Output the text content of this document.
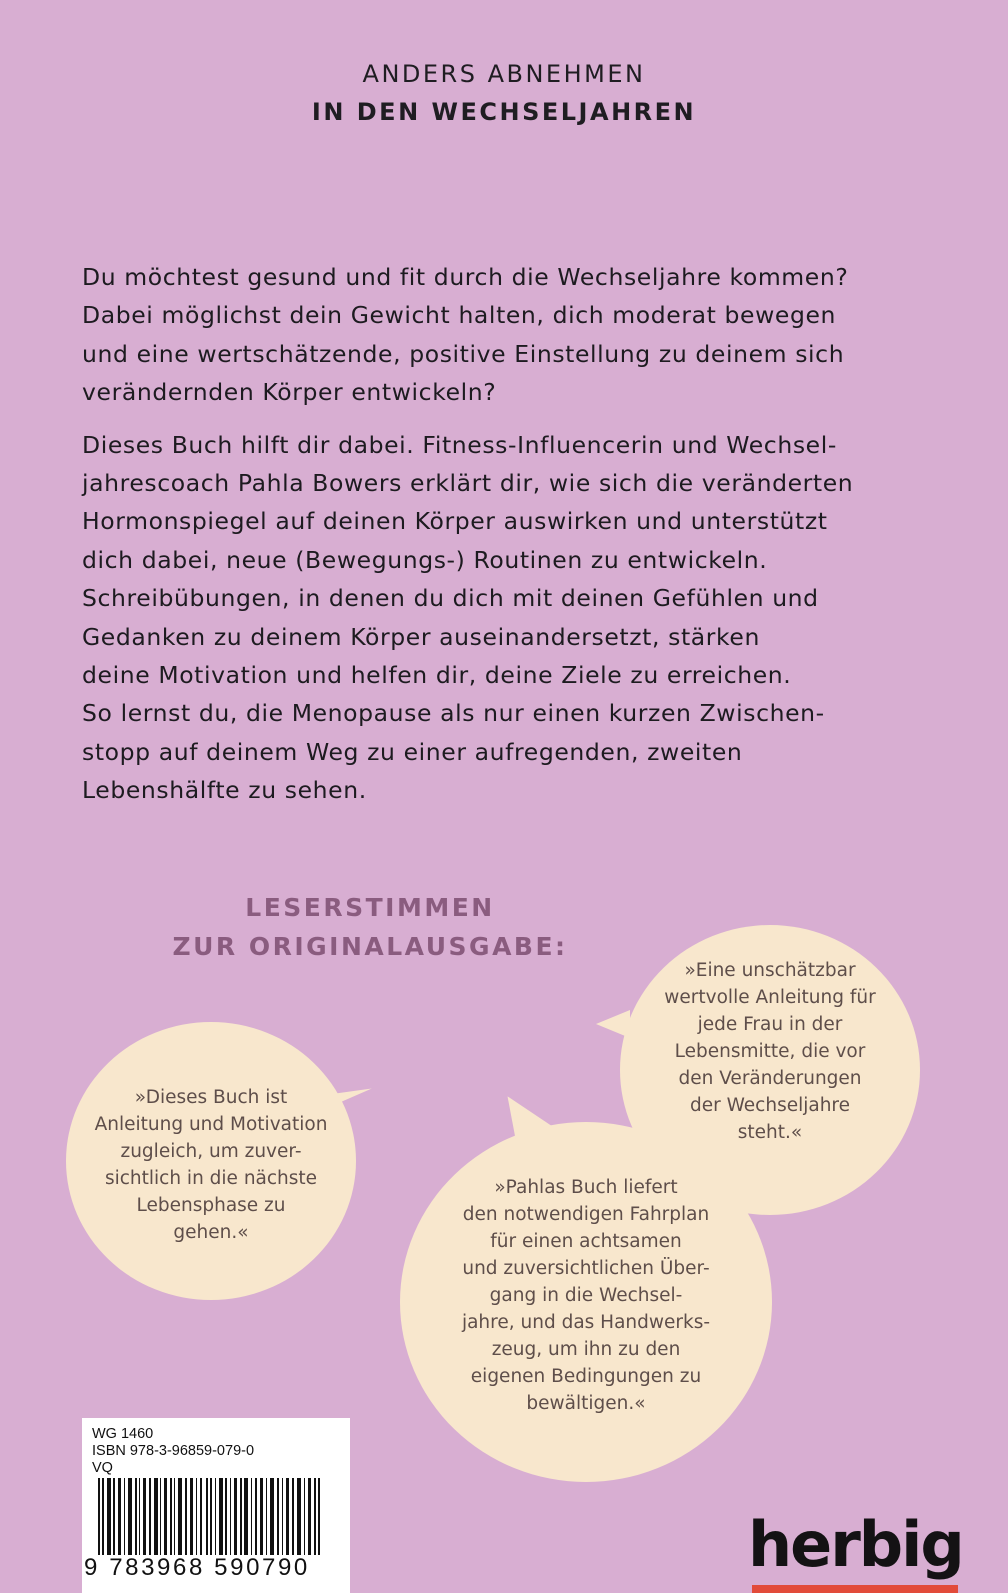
ANDERS ABNEHMEN
IN DEN WECHSELJAHREN
Du möchtest gesund und fit durch die Wechseljahre kommen?
Dabei möglichst dein Gewicht halten, dich moderat bewegen
und eine wertschätzende, positive Einstellung zu deinem sich
verändernden Körper entwickeln?
Dieses Buch hilft dir dabei. Fitness-Influencerin und Wechsel-
jahrescoach Pahla Bowers erklärt dir, wie sich die veränderten
Hormonspiegel auf deinen Körper auswirken und unterstützt
dich dabei, neue (Bewegungs-) Routinen zu entwickeln.
Schreibübungen, in denen du dich mit deinen Gefühlen und
Gedanken zu deinem Körper auseinandersetzt, stärken
deine Motivation und helfen dir, deine Ziele zu erreichen.
So lernst du, die Menopause als nur einen kurzen Zwischen-
stopp auf deinem Weg zu einer aufregenden, zweiten
Lebenshälfte zu sehen.
LESERSTIMMEN
ZUR ORIGINALAUSGABE:
»Eine unschätzbar
wertvolle Anleitung für
jede Frau in der
Lebensmitte, die vor
den Veränderungen
der Wechseljahre
steht.«
»Dieses Buch ist
Anleitung und Motivation
zugleich, um zuver-
sichtlich in die nächste
Lebensphase zu
gehen.«
»Pahlas Buch liefert
den notwendigen Fahrplan
für einen achtsamen
und zuversichtlichen Über-
gang in die Wechsel-
jahre, und das Handwerks-
zeug, um ihn zu den
eigenen Bedingungen zu
bewältigen.«
WG 1460
ISBN 978-3-96859-079-0
VQ
9 783968 590790	herbig
